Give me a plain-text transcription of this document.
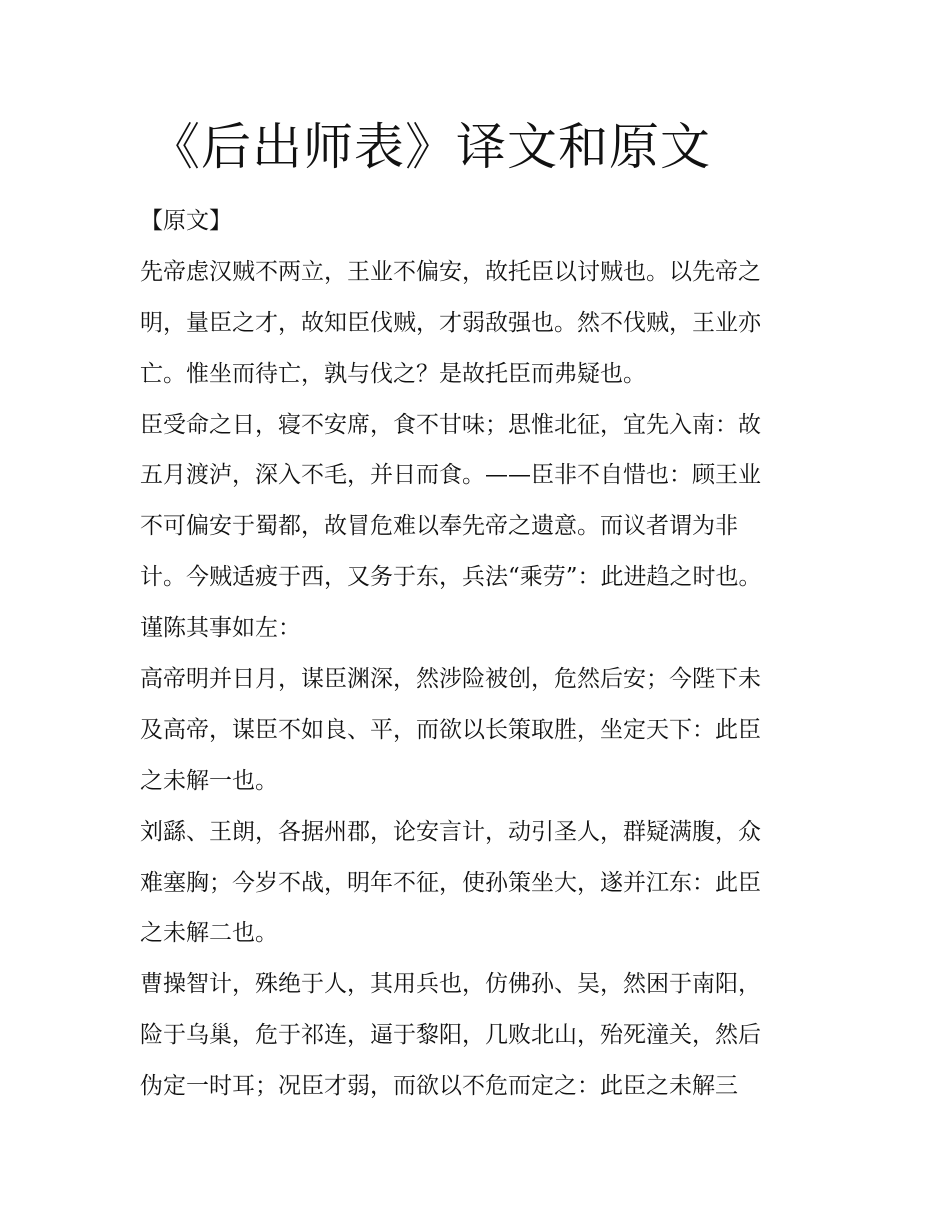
《后出师表》译文和原文
【原文】
先帝虑汉贼不两立，王业不偏安，故托臣以讨贼也。以先帝之
明，量臣之才，故知臣伐贼，才弱敌强也。然不伐贼，王业亦
亡。惟坐而待亡，孰与伐之？是故托臣而弗疑也。
臣受命之日，寝不安席，食不甘味；思惟北征，宜先入南：故
五月渡泸，深入不毛，并日而食。——臣非不自惜也：顾王业
不可偏安于蜀都，故冒危难以奉先帝之遗意。而议者谓为非
计。今贼适疲于西，又务于东，兵法“乘劳”：此进趋之时也。
谨陈其事如左：
高帝明并日月，谋臣渊深，然涉险被创，危然后安；今陛下未
及高帝，谋臣不如良、平，而欲以长策取胜，坐定天下：此臣
之未解一也。
刘繇、王朗，各据州郡，论安言计，动引圣人，群疑满腹，众
难塞胸；今岁不战，明年不征，使孙策坐大，遂并江东：此臣
之未解二也。
曹操智计，殊绝于人，其用兵也，仿佛孙、吴，然困于南阳，
险于乌巢，危于祁连，逼于黎阳，几败北山，殆死潼关，然后
伪定一时耳；况臣才弱，而欲以不危而定之：此臣之未解三
